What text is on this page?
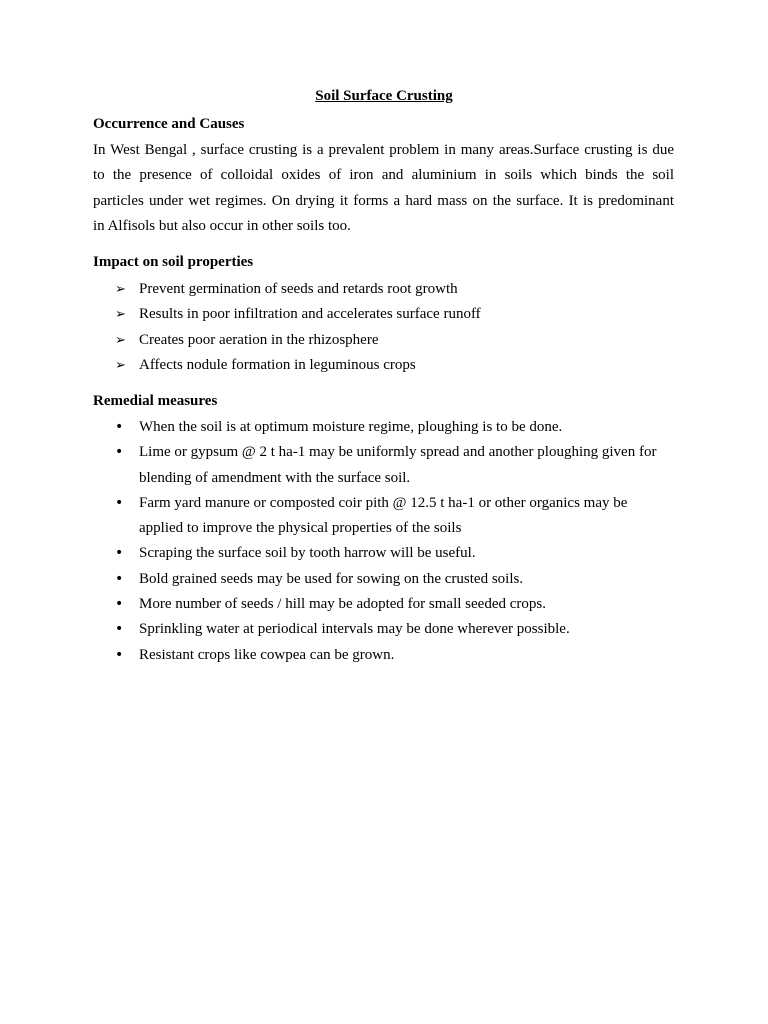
Soil Surface Crusting
Occurrence and Causes
In West Bengal , surface crusting is a prevalent problem in many areas.Surface crusting is due
to the presence of colloidal oxides of iron and aluminium in soils which binds the soil
particles under wet regimes. On drying it forms a hard mass on the surface. It is predominant
in Alfisols but also occur in other soils too.
Impact on soil properties
➢ Prevent germination of seeds and retards root growth
➢ Results in poor infiltration and accelerates surface runoff
➢ Creates poor aeration in the rhizosphere
➢ Affects nodule formation in leguminous crops
Remedial measures
•	When the soil is at optimum moisture regime, ploughing is to be done.
•	Lime or gypsum @ 2 t ha-1 may be uniformly spread and another ploughing given for
blending of amendment with the surface soil.
•	Farm yard manure or composted coir pith @ 12.5 t ha-1 or other organics may be
applied to improve the physical properties of the soils
•	Scraping the surface soil by tooth harrow will be useful.
•	Bold grained seeds may be used for sowing on the crusted soils.
•	More number of seeds / hill may be adopted for small seeded crops.
•	Sprinkling water at periodical intervals may be done wherever possible.
•	Resistant crops like cowpea can be grown.
